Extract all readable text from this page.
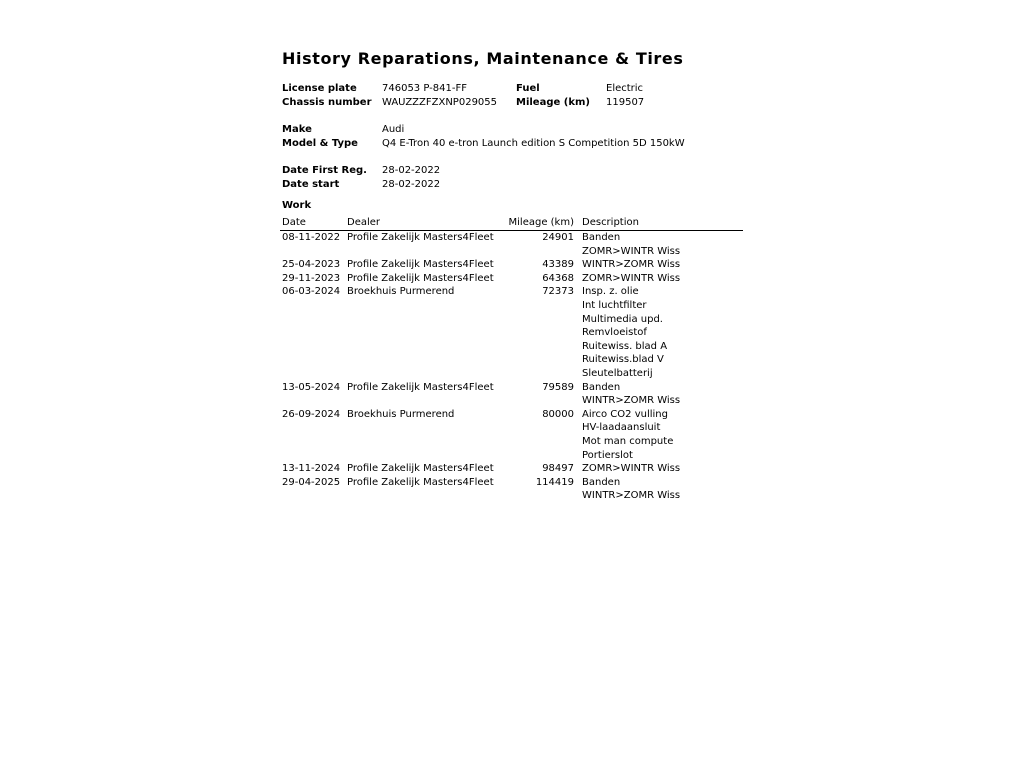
History Reparations, Maintenance & Tires
License plate	746053 P-841-FF	Fuel	Electric
Chassis number WAUZZZFZXNP029055 Mileage (km) 119507
Make	Audi
Model & Type Q4 E-Tron 40 e-tron Launch edition S Competition 5D 150kW
Date First Reg. 28-02-2022
Date start	28-02-2022
Work
Date	Dealer	Mileage (km) Description
08-11-2022 Profile Zakelijk Masters4Fleet	24901 Banden
ZOMR>WINTR Wiss
25-04-2023 Profile Zakelijk Masters4Fleet	43389 WINTR>ZOMR Wiss
29-11-2023 Profile Zakelijk Masters4Fleet	64368 ZOMR>WINTR Wiss
06-03-2024 Broekhuis Purmerend	72373 Insp. z. olie
Int luchtfilter
Multimedia upd.
Remvloeistof
Ruitewiss. blad A
Ruitewiss.blad V
Sleutelbatterij
13-05-2024 Profile Zakelijk Masters4Fleet	79589 Banden
WINTR>ZOMR Wiss
26-09-2024 Broekhuis Purmerend	80000 Airco CO2 vulling
HV-laadaansluit
Mot man compute
Portierslot
13-11-2024 Profile Zakelijk Masters4Fleet	98497 ZOMR>WINTR Wiss
29-04-2025 Profile Zakelijk Masters4Fleet	114419 Banden
WINTR>ZOMR Wiss
